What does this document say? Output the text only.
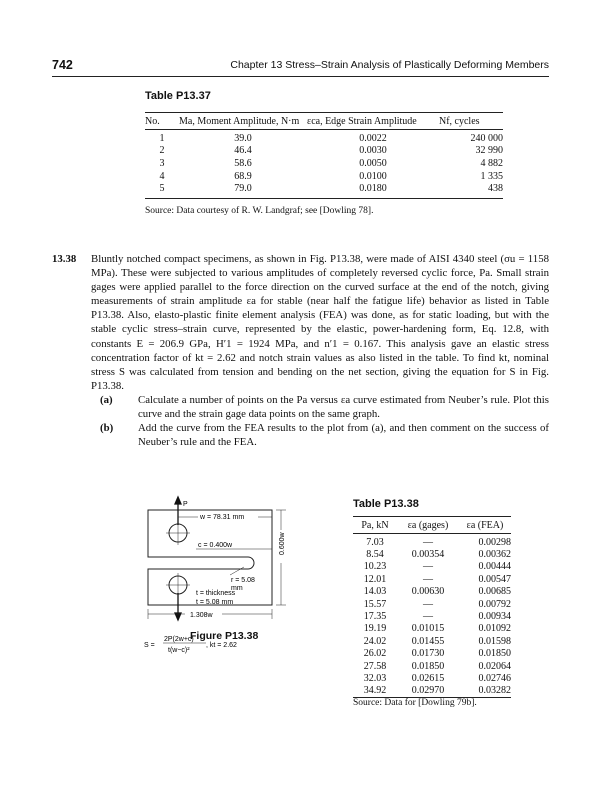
742	Chapter 13 Stress–Strain Analysis of Plastically Deforming Members
Table P13.37
No.	Ma, Moment Amplitude, N·m	εca, Edge Strain Amplitude	Nf, cycles
1	39.0	0.0022	240 000
2	46.4	0.0030	32 990
3	58.6	0.0050	4 882
4	68.9	0.0100	1 335
5	79.0	0.0180	438

Source: Data courtesy of R. W. Landgraf; see [Dowling 78].
13.38 Bluntly notched compact specimens, as shown in Fig. P13.38, were made of AISI 4340 steel (σu = 1158 MPa). These were subjected to various amplitudes of completely reversed cyclic force, Pa. Small strain gages were applied parallel to the force direction on the curved surface at the end of the notch, giving measurements of strain amplitude εa for stable (near half the fatigue life) behavior as listed in Table P13.38. Also, elasto-plastic finite element analysis (FEA) was done, as for static loading, but with the stable cyclic stress–strain curve, represented by the elastic, power-hardening form, Eq. 12.8, with constants E = 206.9 GPa, H′1 = 1924 MPa, and n′1 = 0.167. This analysis gave an elastic stress concentration factor of kt = 2.62 and notch strain values as also listed in the table. To find kt, nominal stress S was calculated from tension and bending on the net section, giving the equation for S in Fig. P13.38.
(a) Calculate a number of points on the Pa versus εa curve estimated from Neuber’s rule. Plot this curve and the strain gage data points on the same graph.
(b) Add the curve from the FEA results to the plot from (a), and then comment on the success of Neuber’s rule and the FEA.
P
w = 78.31 mm
0.600w
c = 0.400w
r = 5.08
mm
t = thickness
t = 5.08 mm
1.308w
S =
2P(2w+c)
t(w−c)²
, kt = 2.62
Figure P13.38
Table P13.38
Pa, kN	εa (gages)	εa (FEA)
7.03	—	0.00298
8.54	0.00354	0.00362
10.23	—	0.00444
12.01	—	0.00547
14.03	0.00630	0.00685
15.57	—	0.00792
17.35	—	0.00934
19.19	0.01015	0.01092
24.02	0.01455	0.01598
26.02	0.01730	0.01850
27.58	0.01850	0.02064
32.03	0.02615	0.02746
34.92	0.02970	0.03282
Source: Data for [Dowling 79b].
